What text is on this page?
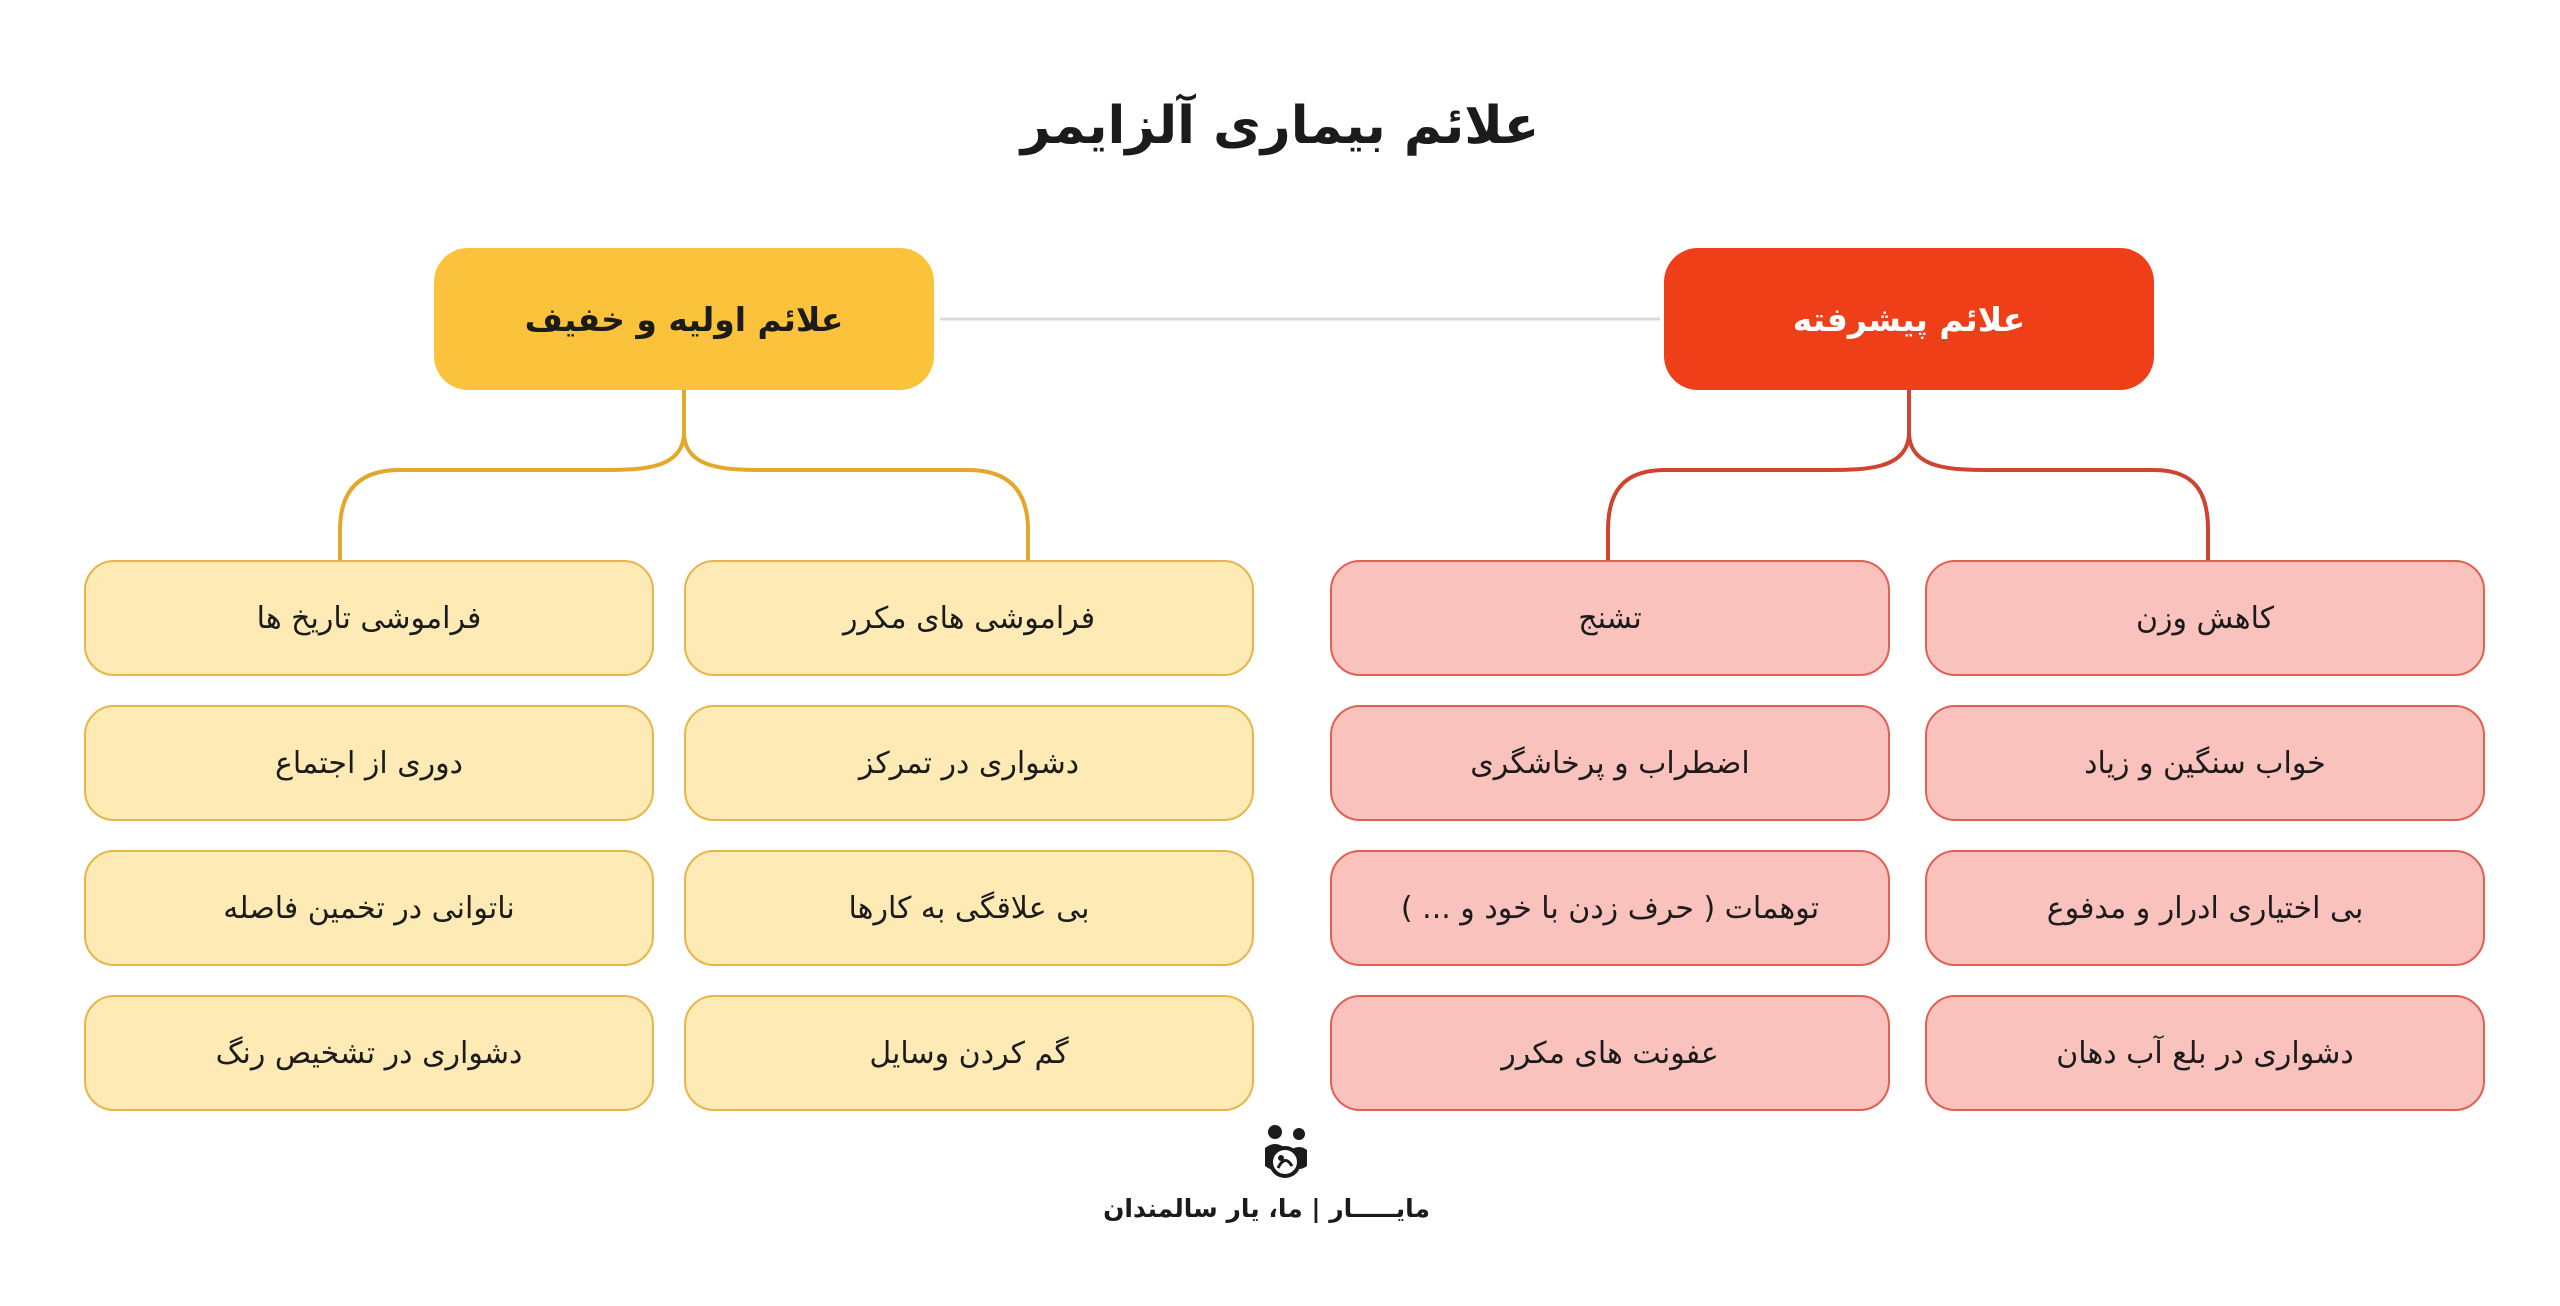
علائم بیماری آلزایمر
علائم اولیه و خفیف	علائم پیشرفته
فراموشی تاریخ ها
دوری از اجتماع
ناتوانی در تخمین فاصله
دشواری در تشخیص رنگ
فراموشی های مکرر
دشواری در تمرکز
بی علاقگی به کارها
گم کردن وسایل
تشنج
اضطراب و پرخاشگری
توهمات ( حرف زدن با خود و ... )
عفونت های مکرر
کاهش وزن
خواب سنگین و زیاد
بی اختیاری ادرار و مدفوع
دشواری در بلع آب دهان
مایـــــار | ما، یار سالمندان
